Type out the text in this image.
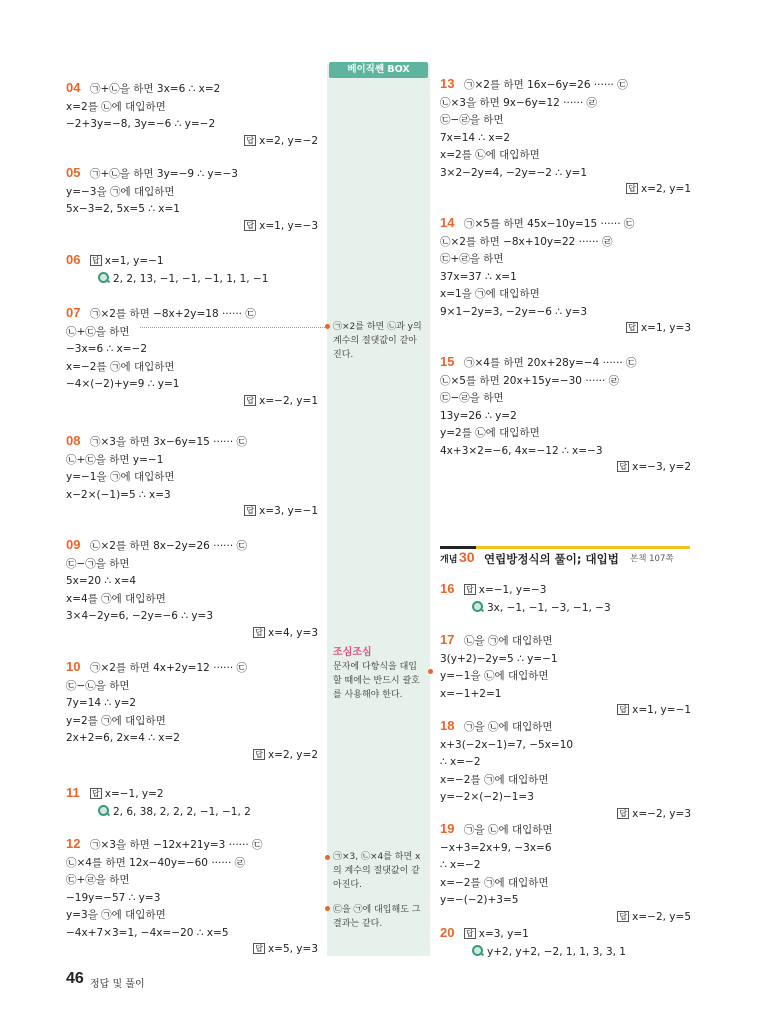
베이직쎈 BOX
㉠×2를 하면 ㉡과 y의
계수의 절댓값이 같아
진다.
조심조심
문자에 다항식을 대입
할 때에는 반드시 괄호
를 사용해야 한다.
㉠×3, ㉡×4를 하면 x
의 계수의 절댓값이 같
아진다.
㉢을 ㉠에 대입해도 그
결과는 같다.
개념 30 연립방정식의 풀이; 대입법 본책 107쪽
04 ㉠+㉡을 하면 3x=6 ∴ x=2
x=2를 ㉡에 대입하면
−2+3y=−8, 3y=−6 ∴ y=−2
답 x=2, y=−2
05 ㉠+㉡을 하면 3y=−9 ∴ y=−3
y=−3을 ㉠에 대입하면
5x−3=2, 5x=5 ∴ x=1
답 x=1, y=−3
06 답 x=1, y=−1
2, 2, 13, −1, −1, −1, 1, 1, −1
07 ㉠×2를 하면 −8x+2y=18 ······ ㉢
㉡+㉢을 하면
−3x=6 ∴ x=−2
x=−2를 ㉠에 대입하면
−4×(−2)+y=9 ∴ y=1
답 x=−2, y=1
08 ㉠×3을 하면 3x−6y=15 ······ ㉢
㉡+㉢을 하면 y=−1
y=−1을 ㉠에 대입하면
x−2×(−1)=5 ∴ x=3
답 x=3, y=−1
09 ㉡×2를 하면 8x−2y=26 ······ ㉢
㉢−㉠을 하면
5x=20 ∴ x=4
x=4를 ㉠에 대입하면
3×4−2y=6, −2y=−6 ∴ y=3
답 x=4, y=3
10 ㉠×2를 하면 4x+2y=12 ······ ㉢
㉢−㉡을 하면
7y=14 ∴ y=2
y=2를 ㉠에 대입하면
2x+2=6, 2x=4 ∴ x=2
답 x=2, y=2
11 답 x=−1, y=2
2, 6, 38, 2, 2, 2, −1, −1, 2
12 ㉠×3을 하면 −12x+21y=3 ······ ㉢
㉡×4를 하면 12x−40y=−60 ······ ㉣
㉢+㉣을 하면
−19y=−57 ∴ y=3
y=3을 ㉠에 대입하면
−4x+7×3=1, −4x=−20 ∴ x=5
답 x=5, y=3
13 ㉠×2를 하면 16x−6y=26 ······ ㉢
㉡×3을 하면 9x−6y=12 ······ ㉣
㉢−㉣을 하면
7x=14 ∴ x=2
x=2를 ㉡에 대입하면
3×2−2y=4, −2y=−2 ∴ y=1
답 x=2, y=1
14 ㉠×5를 하면 45x−10y=15 ······ ㉢
㉡×2를 하면 −8x+10y=22 ······ ㉣
㉢+㉣을 하면
37x=37 ∴ x=1
x=1을 ㉠에 대입하면
9×1−2y=3, −2y=−6 ∴ y=3
답 x=1, y=3
15 ㉠×4를 하면 20x+28y=−4 ······ ㉢
㉡×5를 하면 20x+15y=−30 ······ ㉣
㉢−㉣을 하면
13y=26 ∴ y=2
y=2를 ㉡에 대입하면
4x+3×2=−6, 4x=−12 ∴ x=−3
답 x=−3, y=2
16 답 x=−1, y=−3
3x, −1, −1, −3, −1, −3
17 ㉡을 ㉠에 대입하면
3(y+2)−2y=5 ∴ y=−1
y=−1을 ㉡에 대입하면
x=−1+2=1
답 x=1, y=−1
18 ㉠을 ㉡에 대입하면
x+3(−2x−1)=7, −5x=10
∴ x=−2
x=−2를 ㉠에 대입하면
y=−2×(−2)−1=3
답 x=−2, y=3
19 ㉠을 ㉡에 대입하면
−x+3=2x+9, −3x=6
∴ x=−2
x=−2를 ㉠에 대입하면
y=−(−2)+3=5
답 x=−2, y=5
20 답 x=3, y=1
y+2, y+2, −2, 1, 1, 3, 3, 1
46 정답 및 풀이
